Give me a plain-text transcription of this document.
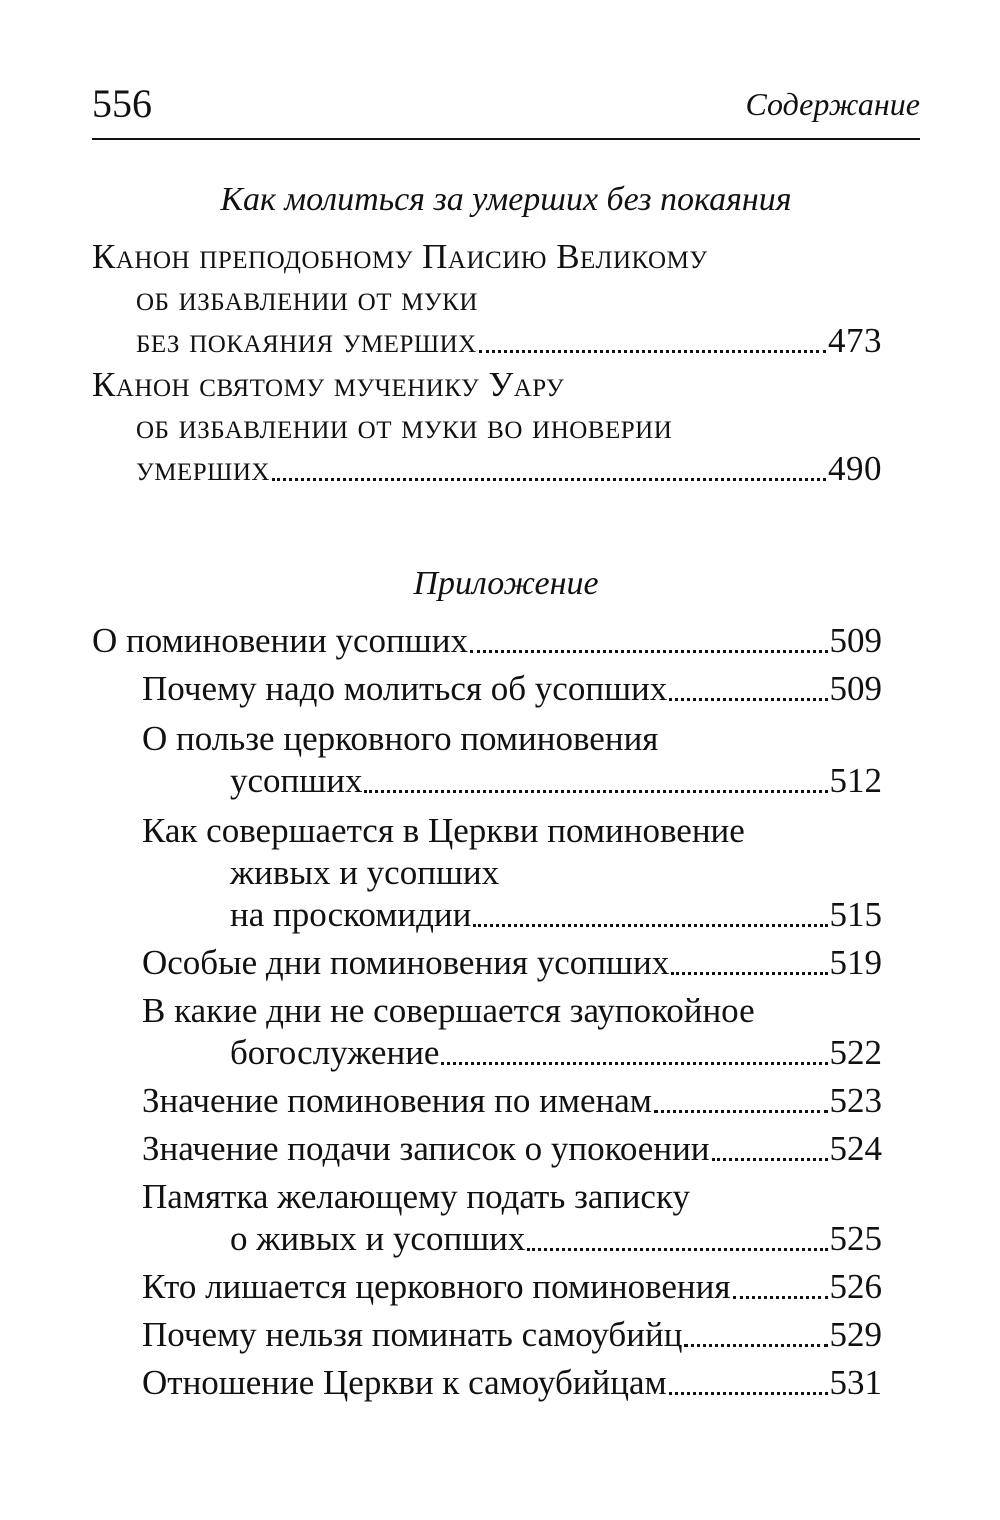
556	Содержание
Как молиться за умерших без покаяния
Канон преподобному Паисию Великому
об избавлении от муки
без покаяния умерших	473
Канон святому мученику Уару
об избавлении от муки во иноверии
умерших	490
Приложение
О поминовении усопших	509
Почему надо молиться об усопших	509
О пользе церковного поминовения
усопших	512
Как совершается в Церкви поминовение
живых и усопших
на проскомидии	515
Особые дни поминовения усопших	519
В какие дни не совершается заупокойное
богослужение	522
Значение поминовения по именам	523
Значение подачи записок о упокоении	524
Памятка желающему подать записку
о живых и усопших	525
Кто лишается церковного поминовения	526
Почему нельзя поминать самоубийц	529
Отношение Церкви к самоубийцам	531
